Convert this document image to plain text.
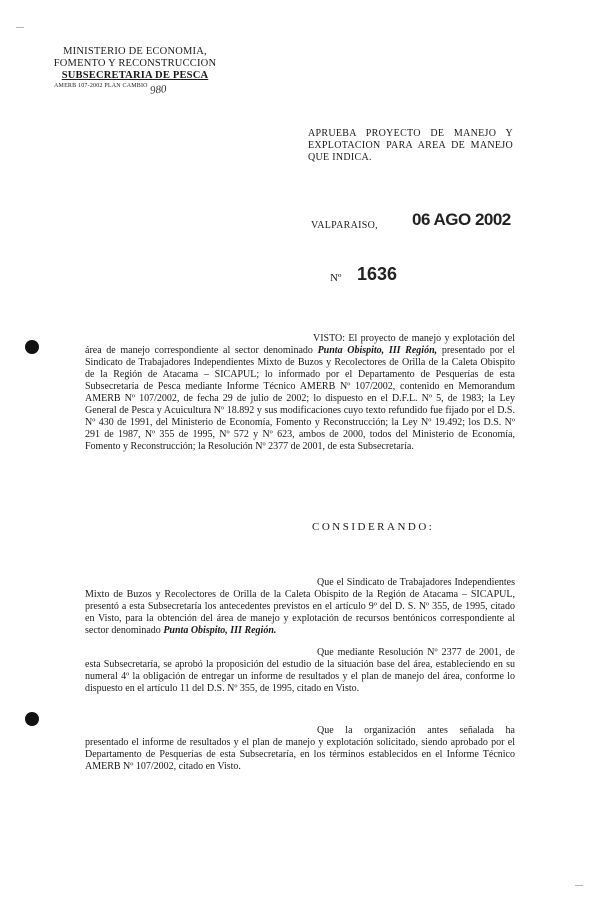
—
—
MINISTERIO DE ECONOMIA,
FOMENTO Y RECONSTRUCCION
SUBSECRETARIA DE PESCA
AMERB 107-2002 PLAN CAMBIO 980
APRUEBA PROYECTO DE MANEJO Y EXPLOTACION PARA AREA DE MANEJO QUE INDICA.
VALPARAISO, 06 AGO 2002
Nº 1636
VISTO: El proyecto de manejo y explotación del área de manejo correspondiente al sector denominado Punta Obispito, III Región, presentado por el Sindicato de Trabajadores Independientes Mixto de Buzos y Recolectores de Orilla de la Caleta Obispito de la Región de Atacama – SICAPUL; lo informado por el Departamento de Pesquerías de esta Subsecretaría de Pesca mediante Informe Técnico AMERB Nº 107/2002, contenido en Memorandum AMERB Nº 107/2002, de fecha 29 de julio de 2002; lo dispuesto en el D.F.L. Nº 5, de 1983; la Ley General de Pesca y Acuicultura Nº 18.892 y sus modificaciones cuyo texto refundido fue fijado por el D.S. Nº 430 de 1991, del Ministerio de Economía, Fomento y Reconstrucción; la Ley Nº 19.492; los D.S. Nº 291 de 1987, Nº 355 de 1995, Nº 572 y Nº 623, ambos de 2000, todos del Ministerio de Economía, Fomento y Reconstrucción; la Resolución Nº 2377 de 2001, de esta Subsecretaría.
CONSIDERANDO:
Que el Sindicato de Trabajadores Independientes Mixto de Buzos y Recolectores de Orilla de la Caleta Obispito de la Región de Atacama – SICAPUL, presentó a esta Subsecretaría los antecedentes previstos en el artículo 9º del D. S. Nº 355, de 1995, citado en Visto, para la obtención del área de manejo y explotación de recursos bentónicos correspondiente al sector denominado Punta Obispito, III Región.
Que mediante Resolución Nº 2377 de 2001, de esta Subsecretaría, se aprobó la proposición del estudio de la situación base del área, estableciendo en su numeral 4º la obligación de entregar un informe de resultados y el plan de manejo del área, conforme lo dispuesto en el artículo 11 del D.S. Nº 355, de 1995, citado en Visto.
Que la organización antes señalada ha presentado el informe de resultados y el plan de manejo y explotación solicitado, siendo aprobado por el Departamento de Pesquerías de esta Subsecretaría, en los términos establecidos en el Informe Técnico AMERB Nº 107/2002, citado en Visto.
